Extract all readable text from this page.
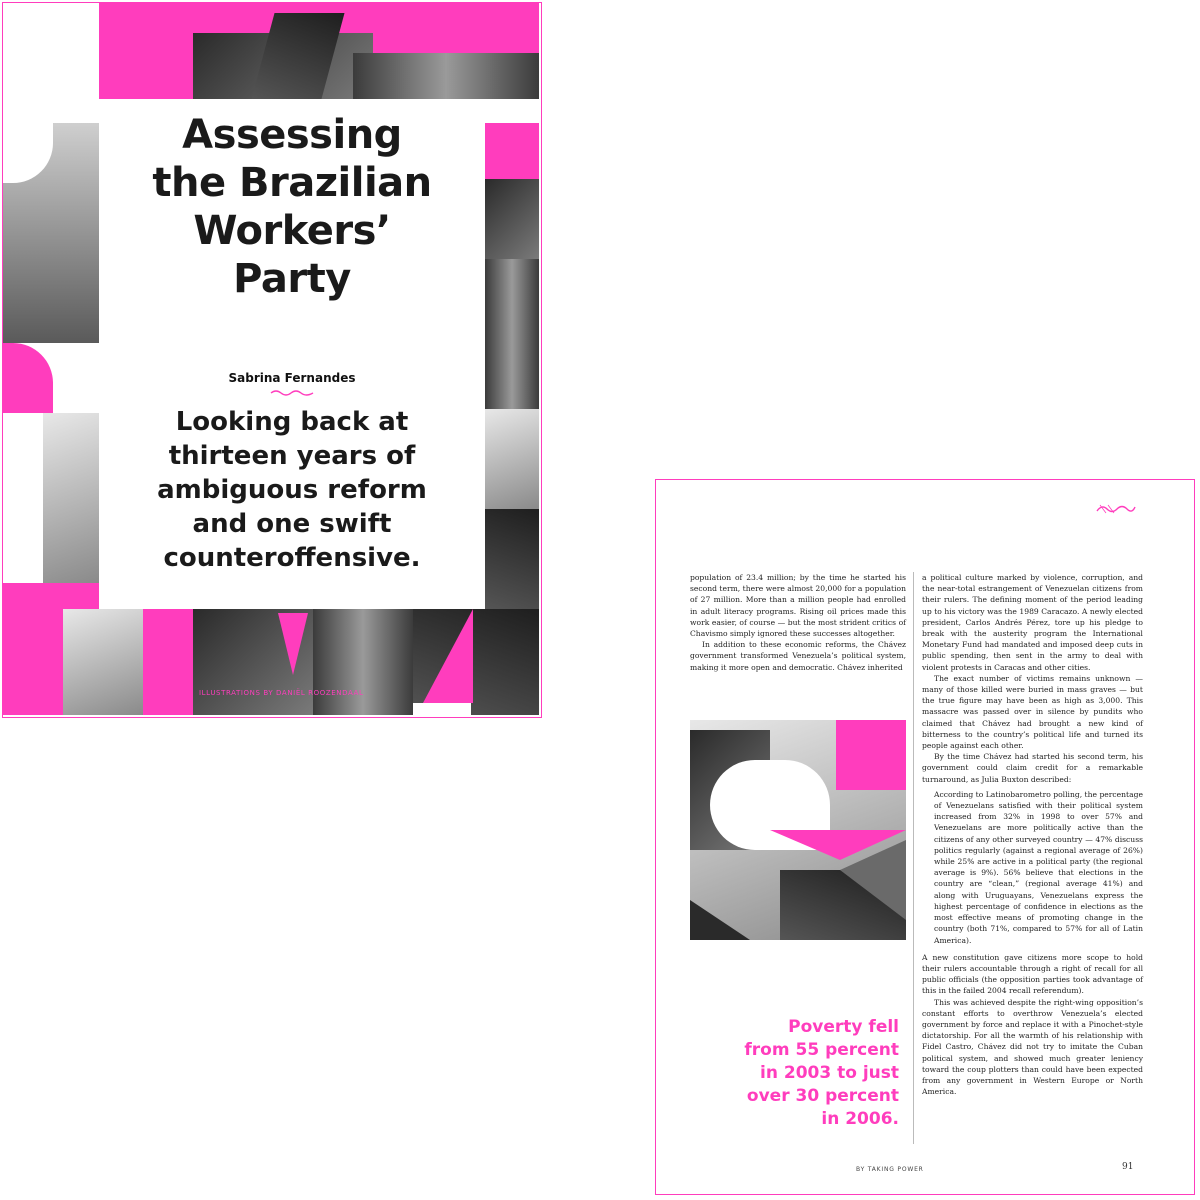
Assessing
the Brazilian
Workers’
Party
Sabrina Fernandes
Looking back at
thirteen years of
ambiguous reform
and one swift
counteroffensive.
ILLUSTRATIONS BY DANIËL ROOZENDAAL

population of 23.4 million; by the time he started his second term, there were almost 20,000 for a population of 27 million. More than a million people had enrolled in adult literacy programs. Rising oil prices made this work easier, of course — but the most strident critics of Chavismo simply ignored these successes altogether.

In addition to these economic reforms, the Chávez government transformed Venezuela’s political system, making it more open and democratic. Chávez inherited

Poverty fell
from 55 percent
in 2003 to just
over 30 percent
in 2006.

a political culture marked by violence, corruption, and the near-total estrangement of Venezuelan citizens from their rulers. The defining moment of the period leading up to his victory was the 1989 Caracazo. A newly elected president, Carlos Andrés Pérez, tore up his pledge to break with the austerity program the International Monetary Fund had mandated and imposed deep cuts in public spending, then sent in the army to deal with violent protests in Caracas and other cities.

The exact number of victims remains unknown — many of those killed were buried in mass graves — but the true figure may have been as high as 3,000. This massacre was passed over in silence by pundits who claimed that Chávez had brought a new kind of bitterness to the country’s political life and turned its people against each other.

By the time Chávez had started his second term, his government could claim credit for a remarkable turnaround, as Julia Buxton described:

According to Latinobarometro polling, the percentage of Venezuelans satisfied with their political system increased from 32% in 1998 to over 57% and Venezuelans are more politically active than the citizens of any other surveyed country — 47% discuss politics regularly (against a regional average of 26%) while 25% are active in a political party (the regional average is 9%). 56% believe that elections in the country are “clean,” (regional average 41%) and along with Uruguayans, Venezuelans express the highest percentage of confidence in elections as the most effective means of promoting change in the country (both 71%, compared to 57% for all of Latin America).

A new constitution gave citizens more scope to hold their rulers accountable through a right of recall for all public officials (the opposition parties took advantage of this in the failed 2004 recall referendum).

This was achieved despite the right-wing opposition’s constant efforts to overthrow Venezuela’s elected government by force and replace it with a Pinochet-style dictatorship. For all the warmth of his relationship with Fidel Castro, Chávez did not try to imitate the Cuban political system, and showed much greater leniency toward the coup plotters than could have been expected from any government in Western Europe or North America.

BY TAKING POWER	91
